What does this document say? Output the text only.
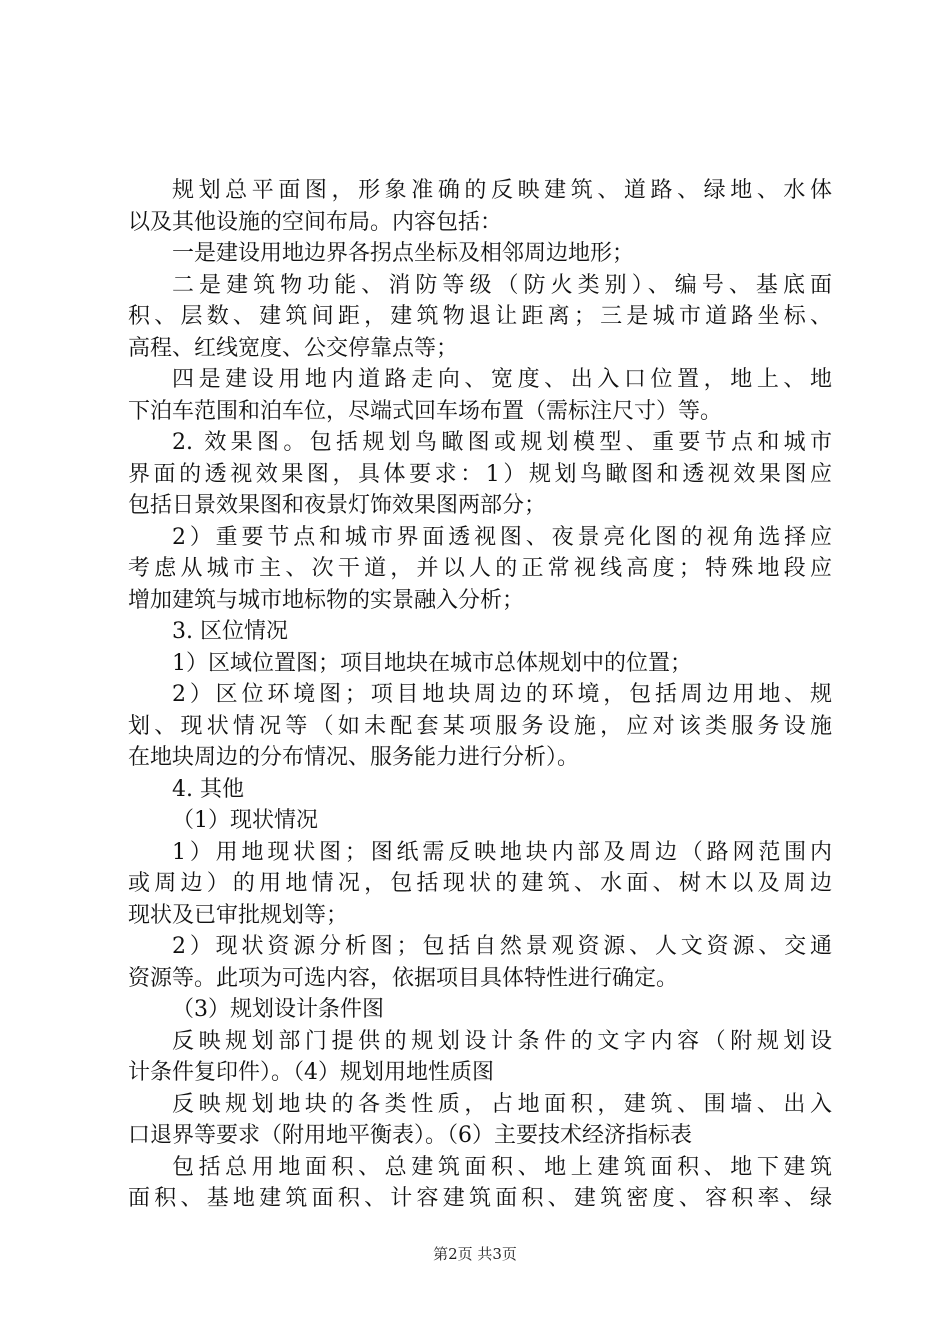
规划总平面图，形象准确的反映建筑、道路、绿地、水体
以及其他设施的空间布局。内容包括：
一是建设用地边界各拐点坐标及相邻周边地形；
二是建筑物功能、消防等级（防火类别）、编号、基底面
积、层数、建筑间距，建筑物退让距离；三是城市道路坐标、
高程、红线宽度、公交停靠点等；
四是建设用地内道路走向、宽度、出入口位置，地上、地
下泊车范围和泊车位，尽端式回车场布置（需标注尺寸）等。
2. 效果图。包括规划鸟瞰图或规划模型、重要节点和城市
界面的透视效果图，具体要求：1）规划鸟瞰图和透视效果图应
包括日景效果图和夜景灯饰效果图两部分；
2）重要节点和城市界面透视图、夜景亮化图的视角选择应
考虑从城市主、次干道，并以人的正常视线高度；特殊地段应
增加建筑与城市地标物的实景融入分析；
3. 区位情况
1）区域位置图；项目地块在城市总体规划中的位置；
2）区位环境图；项目地块周边的环境，包括周边用地、规
划、现状情况等（如未配套某项服务设施，应对该类服务设施
在地块周边的分布情况、服务能力进行分析）。
4. 其他
（1）现状情况
1）用地现状图；图纸需反映地块内部及周边（路网范围内
或周边）的用地情况，包括现状的建筑、水面、树木以及周边
现状及已审批规划等；
2）现状资源分析图；包括自然景观资源、人文资源、交通
资源等。此项为可选内容，依据项目具体特性进行确定。
（3）规划设计条件图
反映规划部门提供的规划设计条件的文字内容（附规划设
计条件复印件）。（4）规划用地性质图
反映规划地块的各类性质，占地面积，建筑、围墙、出入
口退界等要求（附用地平衡表）。（6）主要技术经济指标表
包括总用地面积、总建筑面积、地上建筑面积、地下建筑
面积、基地建筑面积、计容建筑面积、建筑密度、容积率、绿
第2页 共3页
